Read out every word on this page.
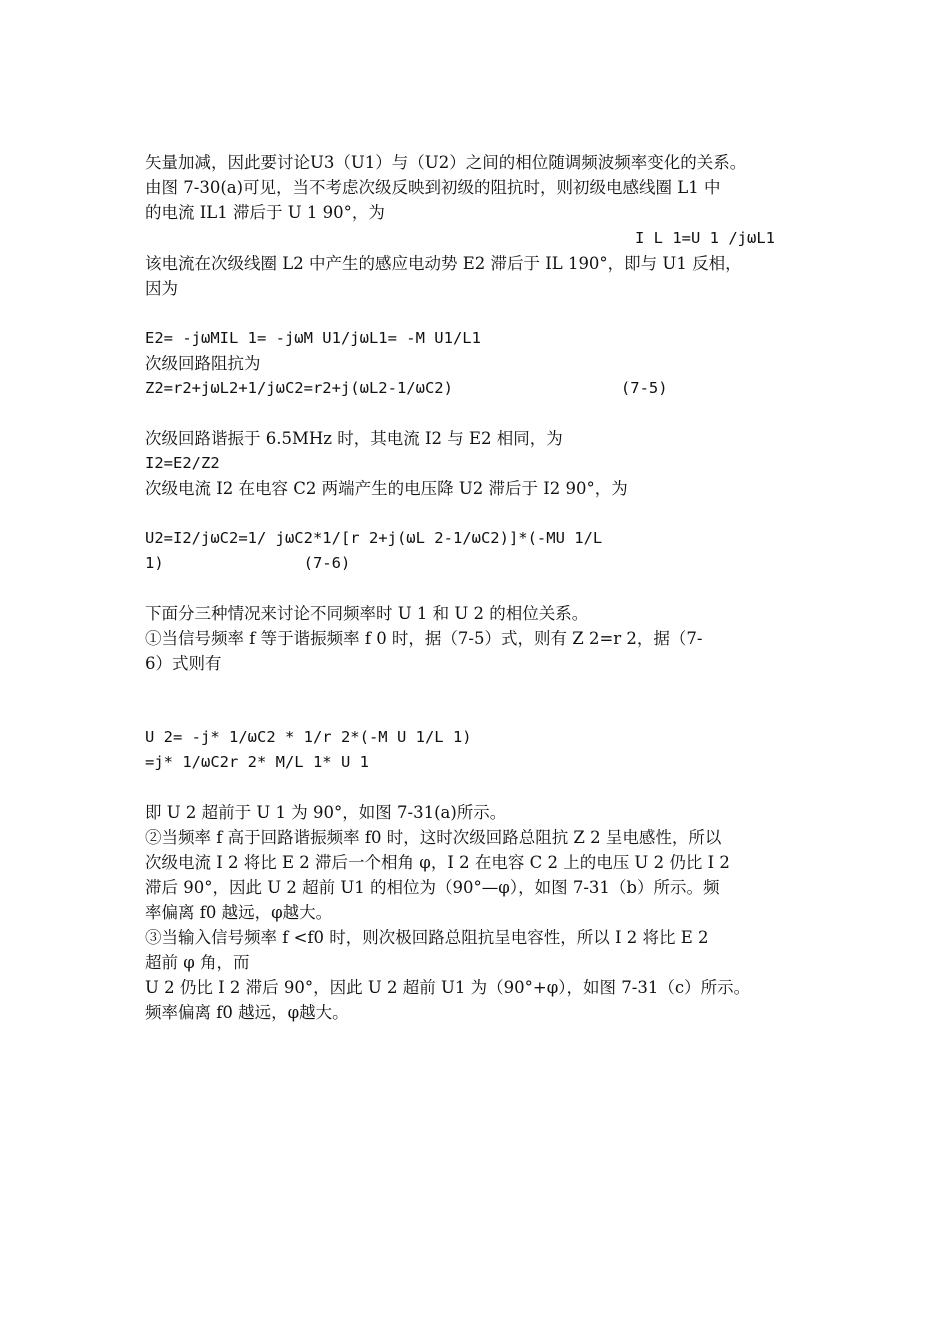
矢量加减，因此要讨论U3（U1）与（U2）之间的相位随调频波频率变化的关系。
由图 7-30(a)可见，当不考虑次级反映到初级的阻抗时，则初级电感线圈 L1 中
的电流 IL1 滞后于 U 1 90°，为
I L 1=U 1 /jωL1
该电流在次级线圈 L2 中产生的感应电动势 E2 滞后于 IL 190°，即与 U1 反相，
因为
E2= -jωMIL 1= -jωM U1/jωL1= -M U1/L1
次级回路阻抗为
Z2=r2+jωL2+1/jωC2=r2+j(ωL2-1/ωC2)                  (7-5)
次级回路谐振于 6.5MHz 时，其电流 I2 与 E2 相同，为
I2=E2/Z2
次级电流 I2 在电容 C2 两端产生的电压降 U2 滞后于 I2 90°，为
U2=I2/jωC2=1/ jωC2*1/[r 2+j(ωL 2-1/ωC2)]*(-MU 1/L
1)               (7-6)
下面分三种情况来讨论不同频率时 U 1 和 U 2 的相位关系。
①当信号频率 f 等于谐振频率 f 0 时，据（7-5）式，则有 Z 2=r 2，据（7-
6）式则有
U 2= -j* 1/ωC2 * 1/r 2*(-M U 1/L 1)
=j* 1/ωC2r 2* M/L 1* U 1
即 U 2 超前于 U 1 为 90°，如图 7-31(a)所示。
②当频率 f 高于回路谐振频率 f0 时，这时次级回路总阻抗 Z 2 呈电感性，所以
次级电流 I 2 将比 E 2 滞后一个相角 φ，I 2 在电容 C 2 上的电压 U 2 仍比 I 2
滞后 90°，因此 U 2 超前 U1 的相位为（90°—φ），如图 7-31（b）所示。频
率偏离 f0 越远，φ越大。
③当输入信号频率 f <f0 时，则次极回路总阻抗呈电容性，所以 I 2 将比 E 2
超前 φ 角，而
U 2 仍比 I 2 滞后 90°，因此 U 2 超前 U1 为（90°+φ），如图 7-31（c）所示。
频率偏离 f0 越远，φ越大。
